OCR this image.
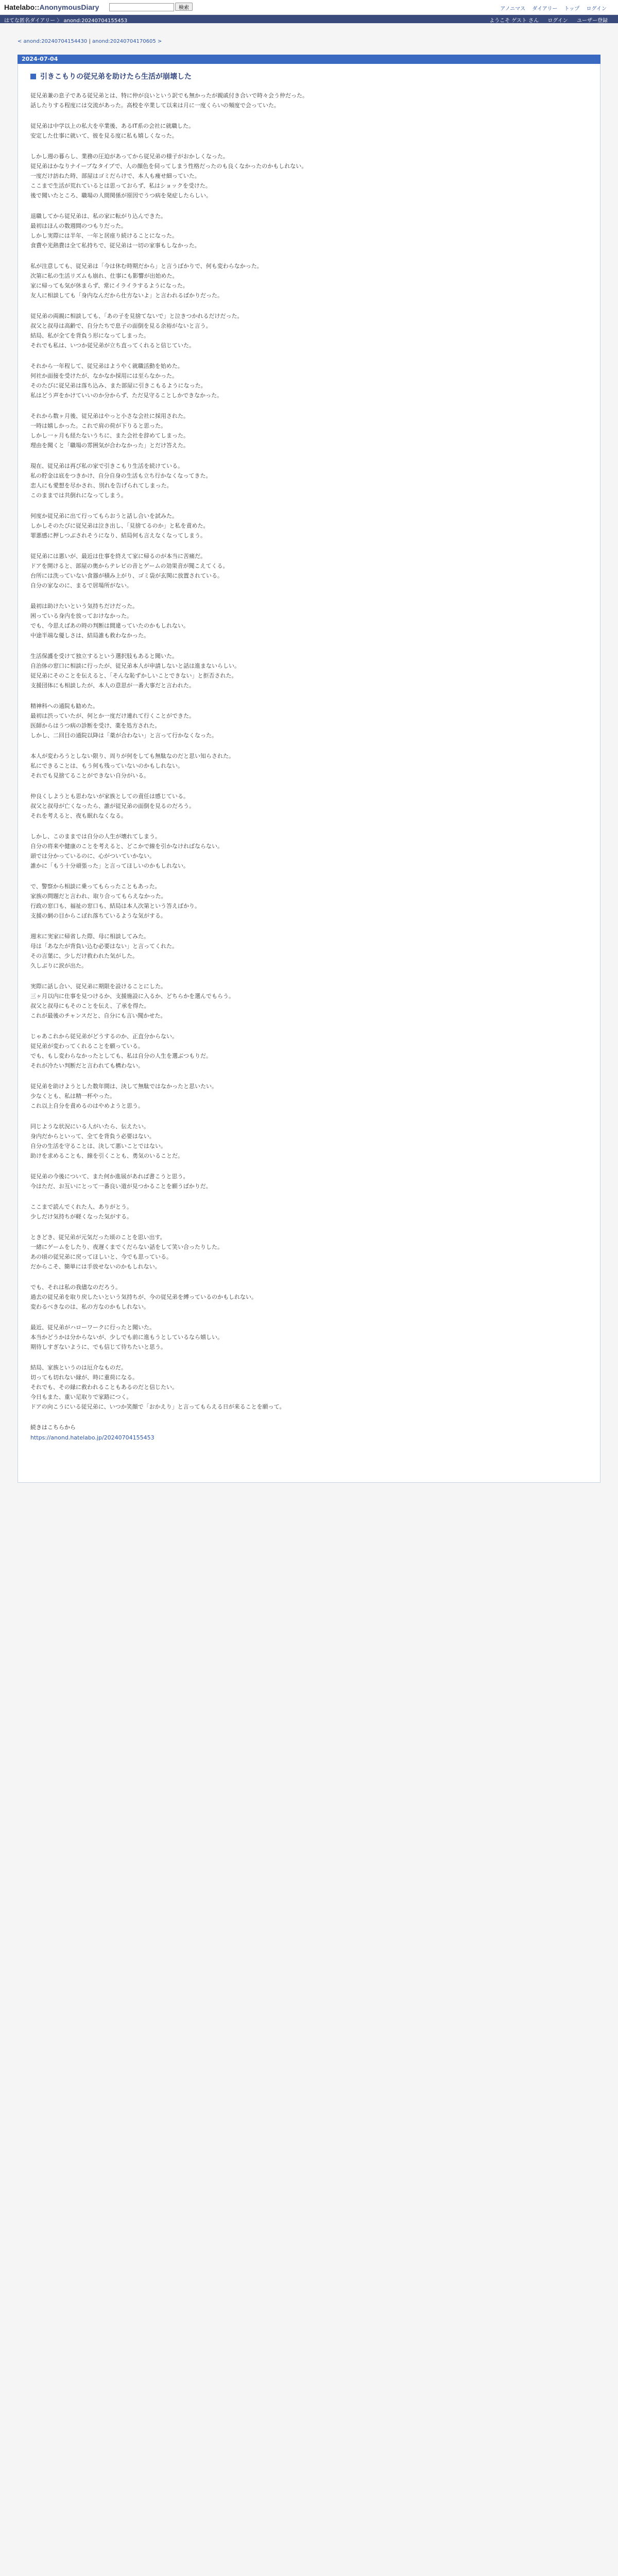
Hatelabo::AnonymousDiary	検索	アノニマス ダイアリー トップ ログイン
はてな匿名ダイアリー 〉 anond:20240704155453	ようこそ ゲスト さん ログイン ユーザー登録
< anond:20240704154430 | anond:20240704170605 >
2024-07-04
引きこもりの従兄弟を助けたら生活が崩壊した

従兄弟兼の息子である従兄弟とは、特に仲が良いという訳でも無かったが親戚付き合いで時々会う仲だった。
話したりする程度には交流があった。高校を卒業して以来は月に一度くらいの頻度で会っていた。

従兄弟は中学以上の私大を卒業後、あるIT系の会社に就職した。
安定した仕事に就いて、彼を見る度に私も嬉しくなった。

しかし週の暮らし、業務の圧迫があってから従兄弟の様子がおかしくなった。
従兄弟はかなりナイーブなタイプで、人の顔色を伺ってしまう性格だったのも良くなかったのかもしれない。
一度だけ訪ねた時、部屋はゴミだらけで、本人も痩せ細っていた。
ここまで生活が荒れているとは思っておらず、私はショックを受けた。
後で聞いたところ、職場の人間関係が原因でうつ病を発症したらしい。

退職してから従兄弟は、私の家に転がり込んできた。
最初はほんの数週間のつもりだった。
しかし実際には半年、一年と居座り続けることになった。
食費や光熱費は全て私持ちで、従兄弟は一切の家事もしなかった。

私が注意しても、従兄弟は「今は休む時期だから」と言うばかりで、何も変わらなかった。
次第に私の生活リズムも崩れ、仕事にも影響が出始めた。
家に帰っても気が休まらず、常にイライラするようになった。
友人に相談しても「身内なんだから仕方ないよ」と言われるばかりだった。

従兄弟の両親に相談しても、「あの子を見捨てないで」と泣きつかれるだけだった。
叔父と叔母は高齢で、自分たちで息子の面倒を見る余裕がないと言う。
結局、私が全てを背負う形になってしまった。
それでも私は、いつか従兄弟が立ち直ってくれると信じていた。

それから一年程して、従兄弟はようやく就職活動を始めた。
何社か面接を受けたが、なかなか採用には至らなかった。
そのたびに従兄弟は落ち込み、また部屋に引きこもるようになった。
私はどう声をかけていいのか分からず、ただ見守ることしかできなかった。

それから数ヶ月後、従兄弟はやっと小さな会社に採用された。
一時は嬉しかった。これで肩の荷が下りると思った。
しかし一ヶ月も経たないうちに、また会社を辞めてしまった。
理由を聞くと「職場の雰囲気が合わなかった」とだけ答えた。

現在、従兄弟は再び私の家で引きこもり生活を続けている。
私の貯金は底をつきかけ、自分自身の生活も立ち行かなくなってきた。
恋人にも愛想を尽かされ、別れを告げられてしまった。
このままでは共倒れになってしまう。

何度か従兄弟に出て行ってもらおうと話し合いを試みた。
しかしそのたびに従兄弟は泣き出し、「見捨てるのか」と私を責めた。
罪悪感に押しつぶされそうになり、結局何も言えなくなってしまう。

従兄弟には悪いが、最近は仕事を終えて家に帰るのが本当に苦痛だ。
ドアを開けると、部屋の奥からテレビの音とゲームの効果音が聞こえてくる。
台所には洗っていない食器が積み上がり、ゴミ袋が玄関に放置されている。
自分の家なのに、まるで居場所がない。

最初は助けたいという気持ちだけだった。
困っている身内を放っておけなかった。
でも、今思えばあの時の判断は間違っていたのかもしれない。
中途半端な優しさは、結局誰も救わなかった。

生活保護を受けて独立するという選択肢もあると聞いた。
自治体の窓口に相談に行ったが、従兄弟本人が申請しないと話は進まないらしい。
従兄弟にそのことを伝えると、「そんな恥ずかしいことできない」と拒否された。
支援団体にも相談したが、本人の意思が一番大事だと言われた。

精神科への通院も勧めた。
最初は渋っていたが、何とか一度だけ連れて行くことができた。
医師からはうつ病の診断を受け、薬を処方された。
しかし、二回目の通院以降は「薬が合わない」と言って行かなくなった。

本人が変わろうとしない限り、周りが何をしても無駄なのだと思い知らされた。
私にできることは、もう何も残っていないのかもしれない。
それでも見捨てることができない自分がいる。

仲良くしようとも思わないが家族としての責任は感じている。
叔父と叔母が亡くなったら、誰が従兄弟の面倒を見るのだろう。
それを考えると、夜も眠れなくなる。

しかし、このままでは自分の人生が壊れてしまう。
自分の将来や健康のことを考えると、どこかで線を引かなければならない。
頭では分かっているのに、心がついていかない。
誰かに「もう十分頑張った」と言ってほしいのかもしれない。

で、警察から相談に乗ってもらったこともあった。
家族の問題だと言われ、取り合ってもらえなかった。
行政の窓口も、福祉の窓口も、結局は本人次第という答えばかり。
支援の網の目からこぼれ落ちているような気がする。

週末に実家に帰省した際、母に相談してみた。
母は「あなたが背負い込む必要はない」と言ってくれた。
その言葉に、少しだけ救われた気がした。
久しぶりに涙が出た。

実際に話し合い、従兄弟に期限を設けることにした。
三ヶ月以内に仕事を見つけるか、支援施設に入るか、どちらかを選んでもらう。
叔父と叔母にもそのことを伝え、了承を得た。
これが最後のチャンスだと、自分にも言い聞かせた。

じゃあこれから従兄弟がどうするのか、正直分からない。
従兄弟が変わってくれることを願っている。
でも、もし変わらなかったとしても、私は自分の人生を選ぶつもりだ。
それが冷たい判断だと言われても構わない。

従兄弟を助けようとした数年間は、決して無駄ではなかったと思いたい。
少なくとも、私は精一杯やった。
これ以上自分を責めるのはやめようと思う。

同じような状況にいる人がいたら、伝えたい。
身内だからといって、全てを背負う必要はない。
自分の生活を守ることは、決して悪いことではない。
助けを求めることも、線を引くことも、勇気のいることだ。

従兄弟の今後について、また何か進展があれば書こうと思う。
今はただ、お互いにとって一番良い道が見つかることを願うばかりだ。

ここまで読んでくれた人、ありがとう。
少しだけ気持ちが軽くなった気がする。

ときどき、従兄弟が元気だった頃のことを思い出す。
一緒にゲームをしたり、夜遅くまでくだらない話をして笑い合ったりした。
あの頃の従兄弟に戻ってほしいと、今でも思っている。
だからこそ、簡単には手放せないのかもしれない。

でも、それは私の我儘なのだろう。
過去の従兄弟を取り戻したいという気持ちが、今の従兄弟を縛っているのかもしれない。
変わるべきなのは、私の方なのかもしれない。

最近、従兄弟がハローワークに行ったと聞いた。
本当かどうかは分からないが、少しでも前に進もうとしているなら嬉しい。
期待しすぎないように、でも信じて待ちたいと思う。

結局、家族というのは厄介なものだ。
切っても切れない縁が、時に重荷になる。
それでも、その縁に救われることもあるのだと信じたい。
今日もまた、重い足取りで家路につく。
ドアの向こうにいる従兄弟に、いつか笑顔で「おかえり」と言ってもらえる日が来ることを願って。

続きはこちらから

https://anond.hatelabo.jp/20240704155453
